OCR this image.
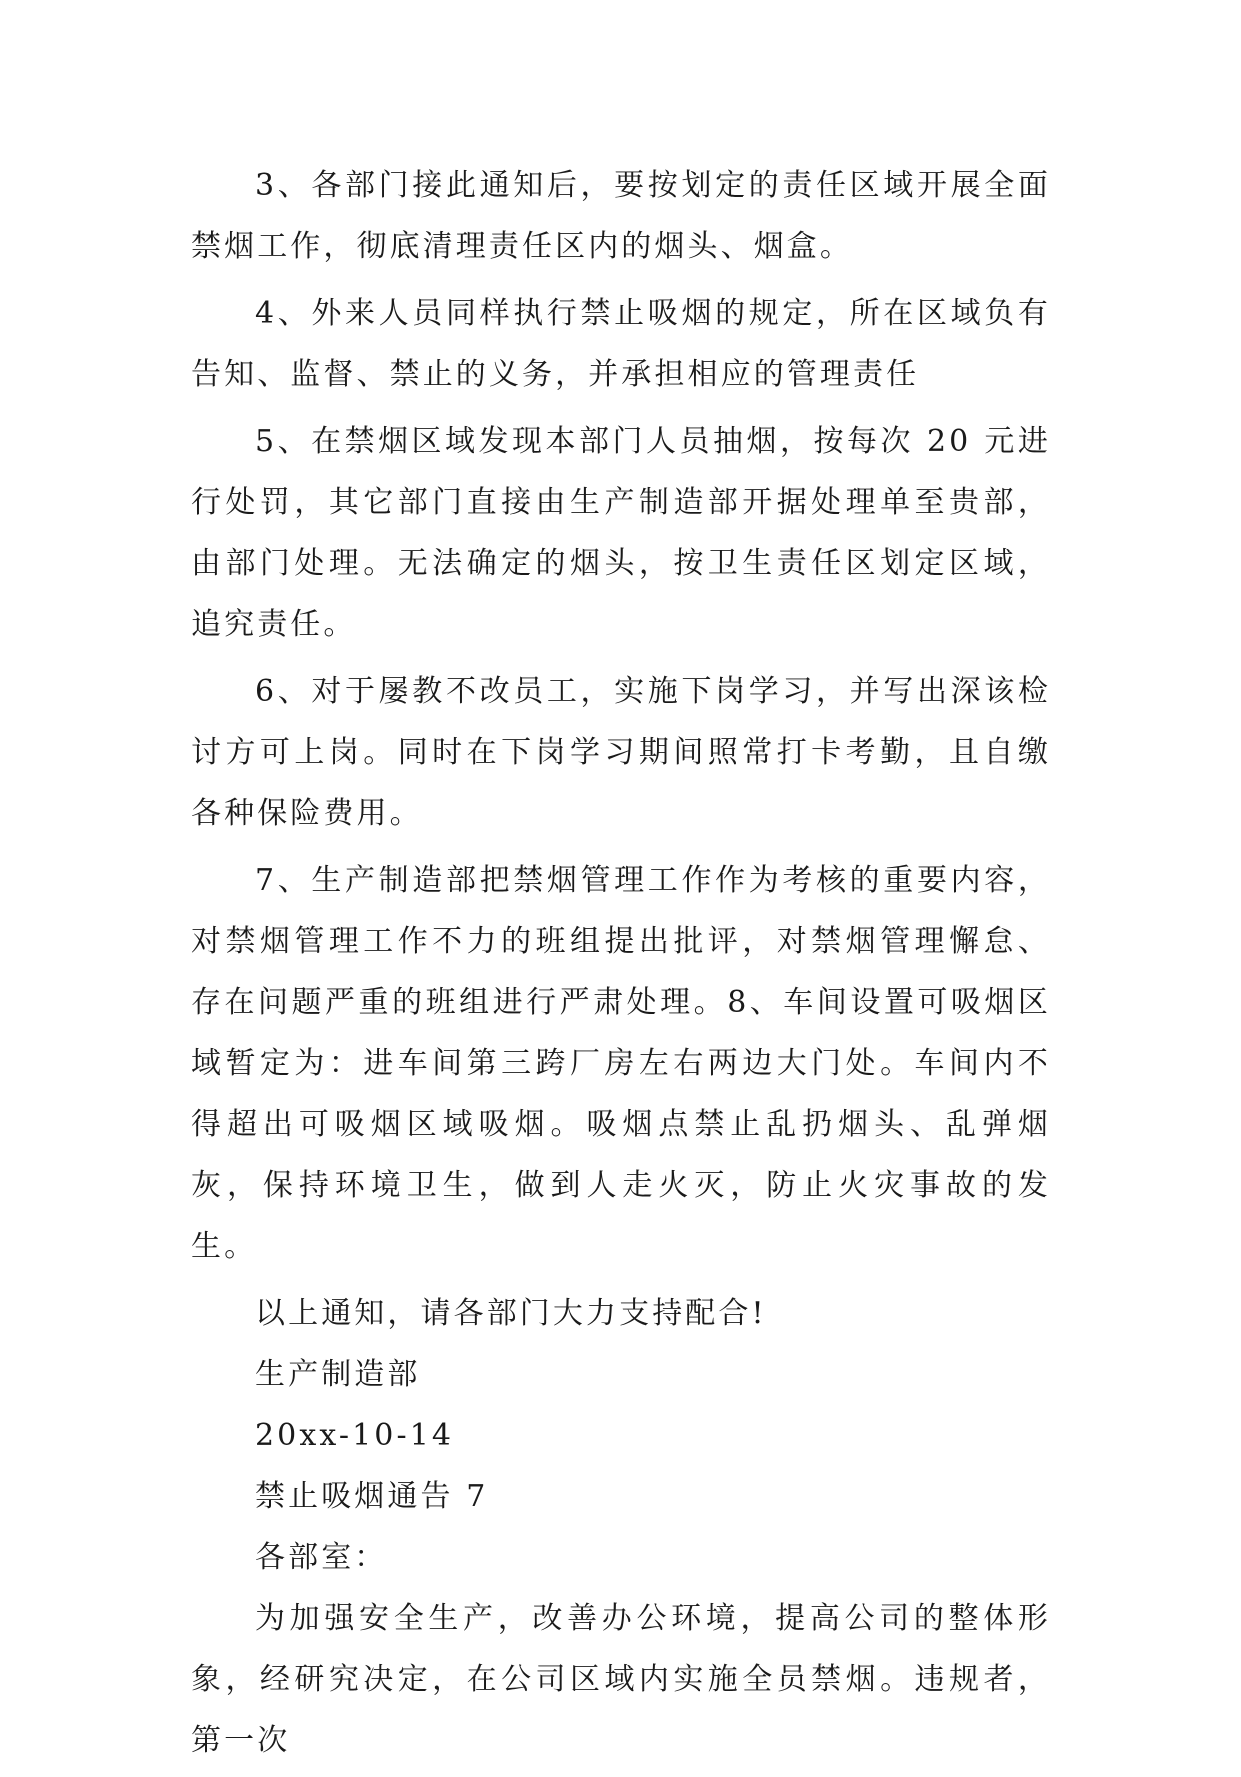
3、各部门接此通知后，要按划定的责任区域开展全面禁烟工作，彻底清理责任区内的烟头、烟盒。

4、外来人员同样执行禁止吸烟的规定，所在区域负有告知、监督、禁止的义务，并承担相应的管理责任

5、在禁烟区域发现本部门人员抽烟，按每次 20 元进行处罚，其它部门直接由生产制造部开据处理单至贵部，由部门处理。无法确定的烟头，按卫生责任区划定区域，追究责任。

6、对于屡教不改员工，实施下岗学习，并写出深该检讨方可上岗。同时在下岗学习期间照常打卡考勤，且自缴各种保险费用。

7、生产制造部把禁烟管理工作作为考核的重要内容，对禁烟管理工作不力的班组提出批评，对禁烟管理懈怠、存在问题严重的班组进行严肃处理。8、车间设置可吸烟区域暂定为：进车间第三跨厂房左右两边大门处。车间内不得超出可吸烟区域吸烟。吸烟点禁止乱扔烟头、乱弹烟灰，保持环境卫生，做到人走火灭，防止火灾事故的发生。

以上通知，请各部门大力支持配合!

生产制造部

20xx-10-14

禁止吸烟通告 7

各部室：

为加强安全生产，改善办公环境，提高公司的整体形象，经研究决定，在公司区域内实施全员禁烟。违规者，第一次
